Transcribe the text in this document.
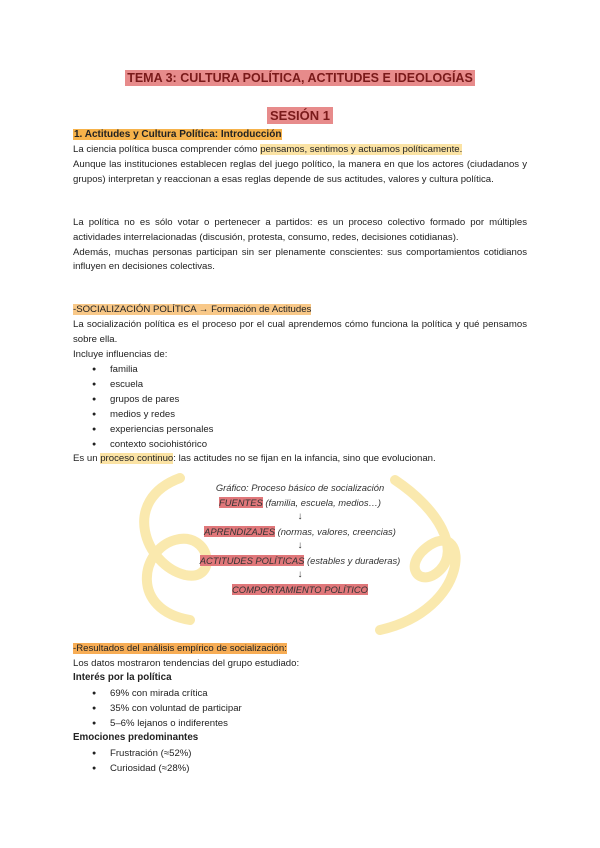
TEMA 3: CULTURA POLÍTICA, ACTITUDES E IDEOLOGÍAS
SESIÓN 1
1. Actitudes y Cultura Política: Introducción
La ciencia política busca comprender cómo pensamos, sentimos y actuamos políticamente.
Aunque las instituciones establecen reglas del juego político, la manera en que los actores (ciudadanos y grupos) interpretan y reaccionan a esas reglas depende de sus actitudes, valores y cultura política.
La política no es sólo votar o pertenecer a partidos: es un proceso colectivo formado por múltiples actividades interrelacionadas (discusión, protesta, consumo, redes, decisiones cotidianas).
Además, muchas personas participan sin ser plenamente conscientes: sus comportamientos cotidianos influyen en decisiones colectivas.
-SOCIALIZACIÓN POLÍTICA → Formación de Actitudes
La socialización política es el proceso por el cual aprendemos cómo funciona la política y qué pensamos sobre ella.
Incluye influencias de:
● familia
● escuela
● grupos de pares
● medios y redes
● experiencias personales
● contexto sociohistórico
Es un proceso continuo: las actitudes no se fijan en la infancia, sino que evolucionan.
Gráfico: Proceso básico de socialización
FUENTES (familia, escuela, medios…)
↓
APRENDIZAJES (normas, valores, creencias)
↓
ACTITUDES POLÍTICAS (estables y duraderas)
↓
COMPORTAMIENTO POLÍTICO
-Resultados del análisis empírico de socialización:
Los datos mostraron tendencias del grupo estudiado:
Interés por la política
● 69% con mirada crítica
● 35% con voluntad de participar
● 5–6% lejanos o indiferentes
Emociones predominantes
● Frustración (≈52%)
● Curiosidad (≈28%)
